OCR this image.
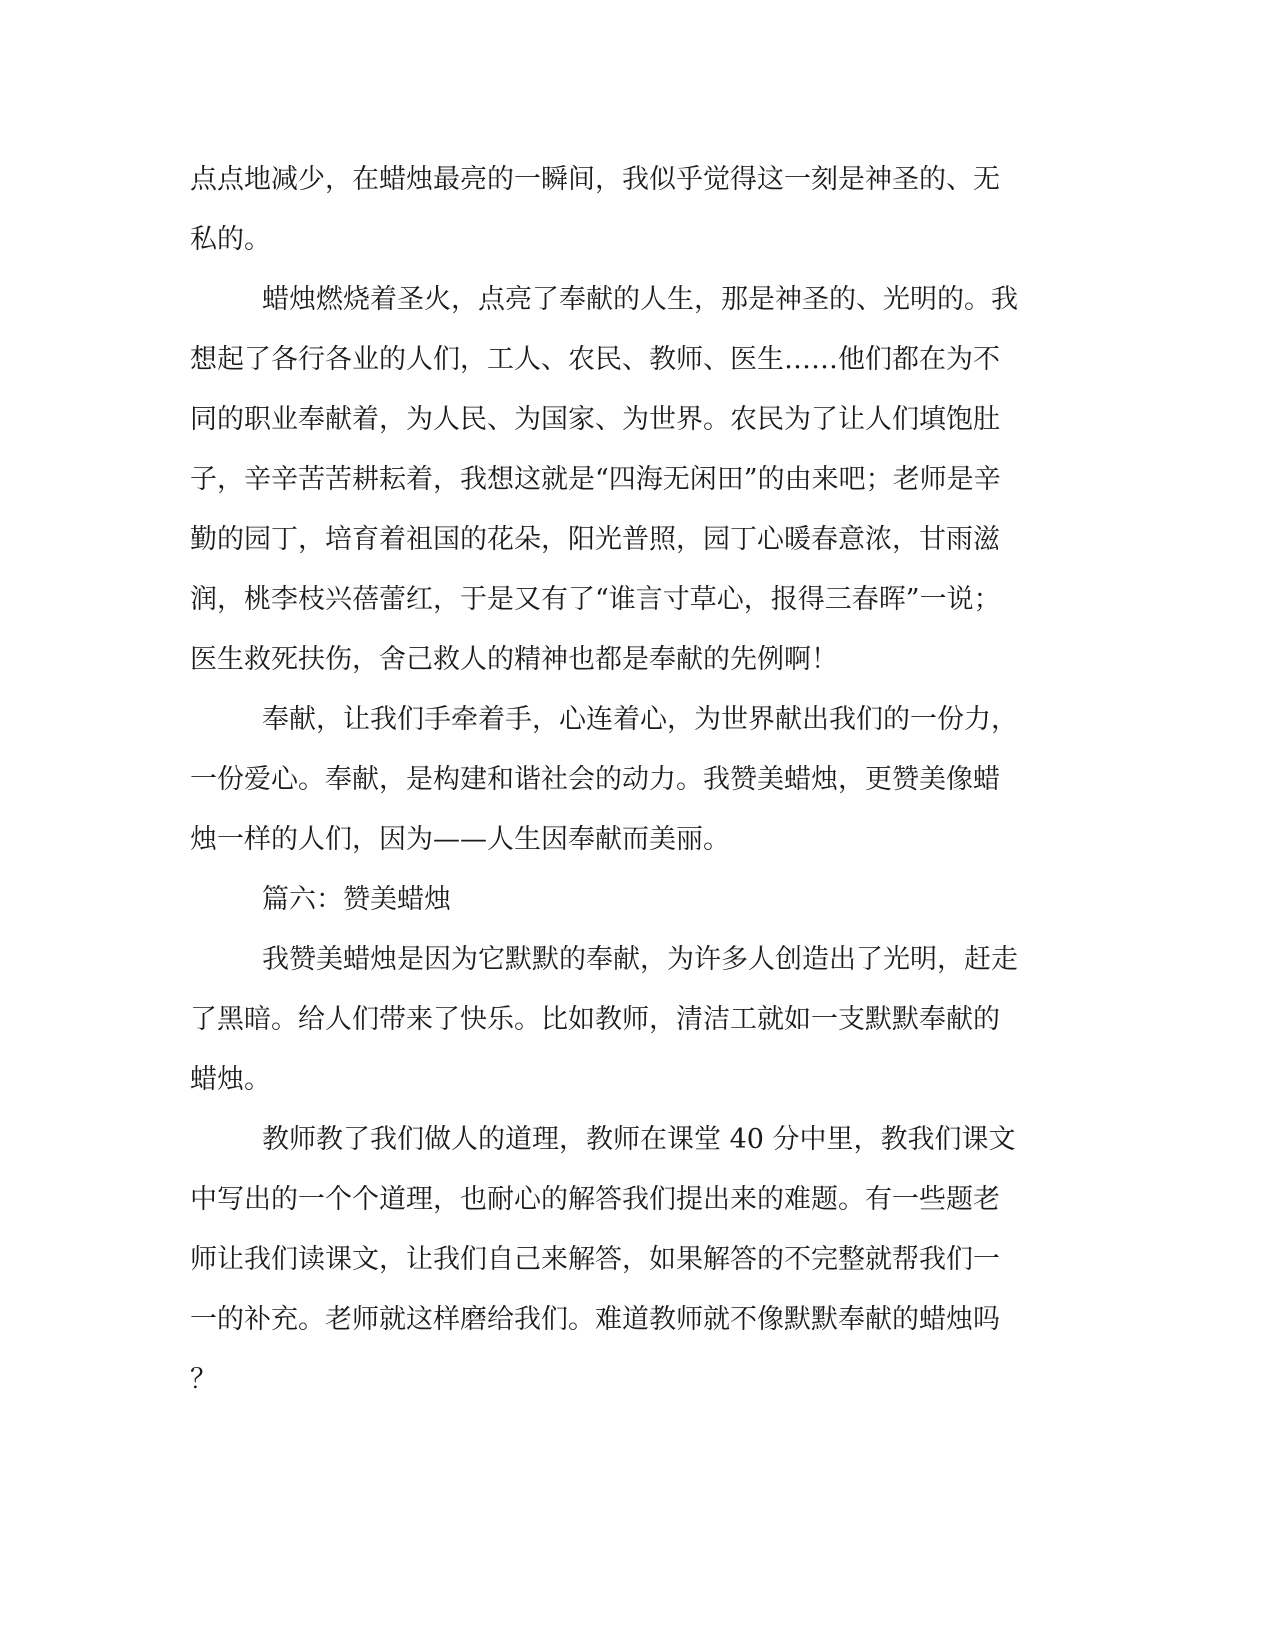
点点地减少，在蜡烛最亮的一瞬间，我似乎觉得这一刻是神圣的、无
私的。
蜡烛燃烧着圣火，点亮了奉献的人生，那是神圣的、光明的。我
想起了各行各业的人们，工人、农民、教师、医生……他们都在为不
同的职业奉献着，为人民、为国家、为世界。农民为了让人们填饱肚
子，辛辛苦苦耕耘着，我想这就是“四海无闲田”的由来吧；老师是辛
勤的园丁，培育着祖国的花朵，阳光普照，园丁心暖春意浓，甘雨滋
润，桃李枝兴蓓蕾红，于是又有了“谁言寸草心，报得三春晖”一说；
医生救死扶伤，舍己救人的精神也都是奉献的先例啊！
奉献，让我们手牵着手，心连着心，为世界献出我们的一份力，
一份爱心。奉献，是构建和谐社会的动力。我赞美蜡烛，更赞美像蜡
烛一样的人们，因为——人生因奉献而美丽。
篇六：赞美蜡烛
我赞美蜡烛是因为它默默的奉献，为许多人创造出了光明，赶走
了黑暗。给人们带来了快乐。比如教师，清洁工就如一支默默奉献的
蜡烛。
教师教了我们做人的道理，教师在课堂 40 分中里，教我们课文
中写出的一个个道理，也耐心的解答我们提出来的难题。有一些题老
师让我们读课文，让我们自己来解答，如果解答的不完整就帮我们一
一的补充。老师就这样磨给我们。难道教师就不像默默奉献的蜡烛吗
？
